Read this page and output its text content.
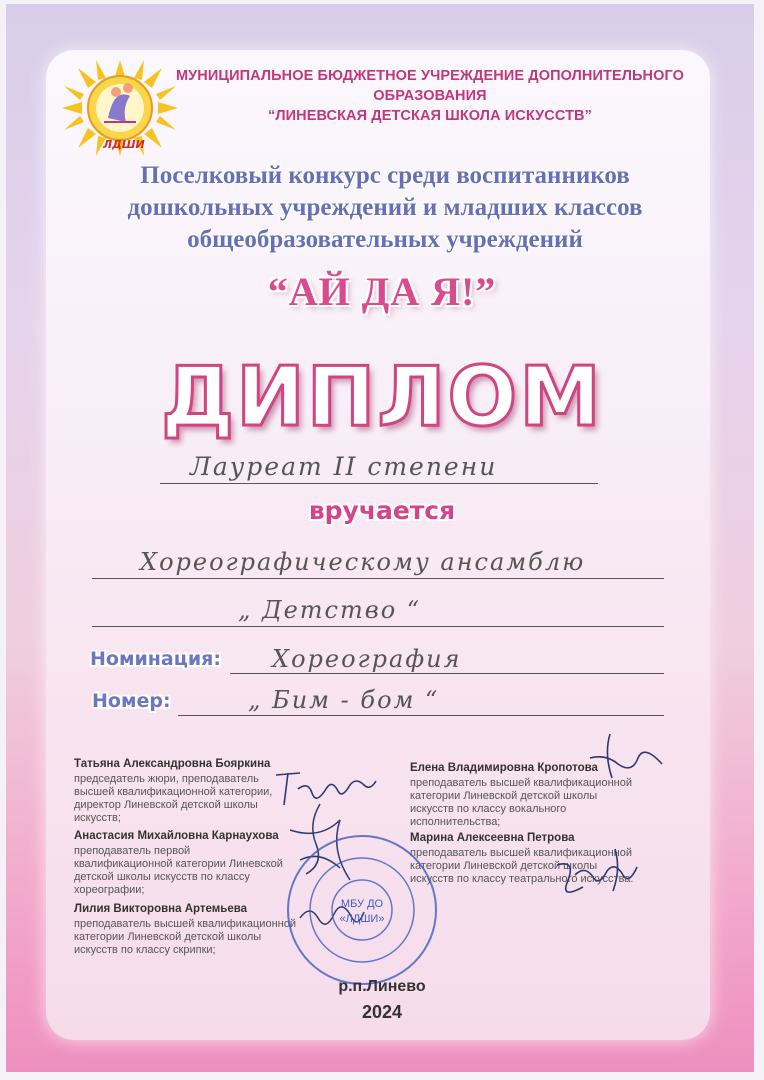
ЛДШИ
МУНИЦИПАЛЬНОЕ БЮДЖЕТНОЕ УЧРЕЖДЕНИЕ ДОПОЛНИТЕЛЬНОГО ОБРАЗОВАНИЯ
“ЛИНЕВСКАЯ ДЕТСКАЯ ШКОЛА ИСКУССТВ”
Поселковый конкурс среди воспитанников
дошкольных учреждений и младших классов
общеобразовательных учреждений
“АЙ ДА Я!”
ДИПЛОМ
Лауреат II степени
вручается
Хореографическому ансамблю
„ Детство “
Номинация: Хореография
Номер:	„ Бим - бом “
Татьяна Александровна Бояркина
председатель жюри, преподаватель высшей квалификационной категории, директор Линевской детской школы искусств;
Анастасия Михайловна Карнаухова
преподаватель первой квалификационной категории Линевской детской школы искусств по классу хореографии;
Лилия Викторовна Артемьева
преподаватель высшей квалификационной категории Линевской детской школы искусств по классу скрипки;
Елена Владимировна Кропотова
преподаватель высшей квалификационной категории Линевской детской школы искусств по классу вокального исполнительства;
Марина Алексеевна Петрова
преподаватель высшей квалификационной категории Линевской детской школы искусств по классу театрального искусства.
МБУ ДО
«ЛДШИ»
р.п.Линево
2024
